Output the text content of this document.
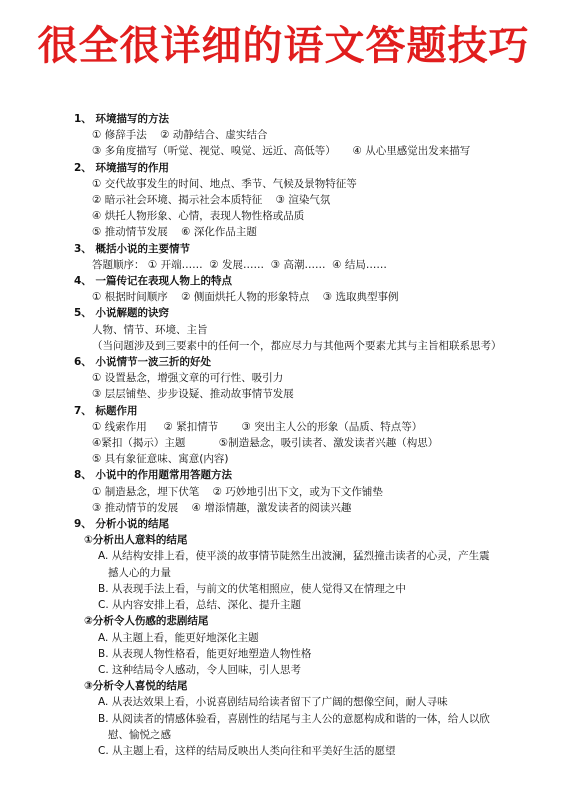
很全很详细的语文答题技巧
1、 环境描写的方法
① 修辞手法    ② 动静结合、虚实结合
③ 多角度描写（听觉、视觉、嗅觉、远近、高低等）     ④ 从心里感觉出发来描写
2、 环境描写的作用
① 交代故事发生的时间、地点、季节、气候及景物特征等
② 暗示社会环境、揭示社会本质特征    ③ 渲染气氛
④ 烘托人物形象、心情，表现人物性格或品质
⑤ 推动情节发展    ⑥ 深化作品主题
3、 概括小说的主要情节
答题顺序： ① 开端……  ② 发展……  ③ 高潮……  ④ 结局……
4、 一篇传记在表现人物上的特点
① 根据时间顺序    ② 侧面烘托人物的形象特点    ③ 选取典型事例
5、 小说解题的诀窍
人物、情节、环境、主旨
（当问题涉及到三要素中的任何一个，都应尽力与其他两个要素尤其与主旨相联系思考）
6、 小说情节一波三折的好处
① 设置悬念，增强文章的可行性、吸引力
③ 层层铺垫、步步设疑、推动故事情节发展
7、 标题作用
① 线索作用     ② 紧扣情节       ③ 突出主人公的形象（品质、特点等）
④紧扣（揭示）主题          ⑤制造悬念，吸引读者、激发读者兴趣（构思）
⑤ 具有象征意味、寓意(内容)
8、 小说中的作用题常用答题方法
① 制造悬念，埋下伏笔    ② 巧妙地引出下文，或为下文作铺垫
③ 推动情节的发展    ④ 增添情趣，激发读者的阅读兴趣
9、 分析小说的结尾
①分析出人意料的结尾
A. 从结构安排上看，使平淡的故事情节陡然生出波澜，猛烈撞击读者的心灵，产生震
撼人心的力量
B. 从表现手法上看，与前文的伏笔相照应，使人觉得又在情理之中
C. 从内容安排上看，总结、深化、提升主题
②分析令人伤感的悲剧结尾
A. 从主题上看，能更好地深化主题
B. 从表现人物性格看，能更好地塑造人物性格
C. 这种结局令人感动，令人回味，引人思考
③分析令人喜悦的结尾
A. 从表达效果上看，小说喜剧结局给读者留下了广阔的想像空间，耐人寻味
B. 从阅读者的情感体验看，喜剧性的结尾与主人公的意愿构成和谐的一体，给人以欣
慰、愉悦之感
C. 从主题上看，这样的结局反映出人类向往和平美好生活的愿望
